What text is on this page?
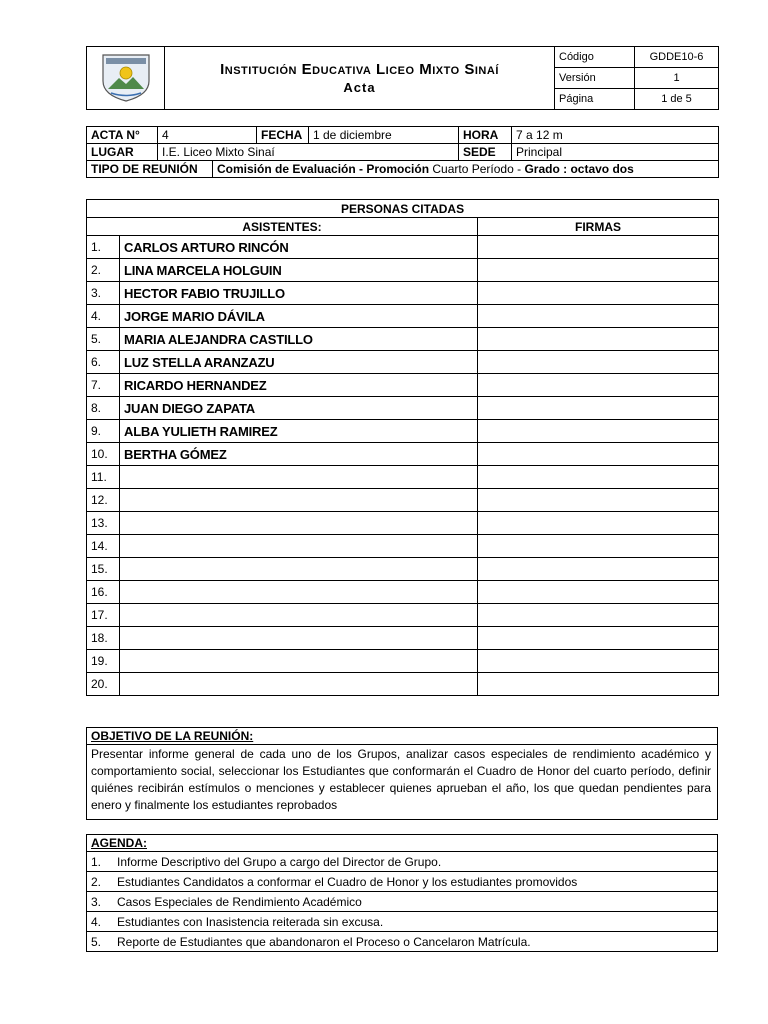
Institución Educativa Liceo Mixto Sinaí
Acta	Código	GDDE10-6
		Versión	1
		Página	1 de 5
ACTA N°	4		FECHA	1 de diciembre	HORA	7 a 12 m
LUGAR	I.E. Liceo Mixto Sinaí				SEDE	Principal
TIPO DE REUNIÓN		Comisión de Evaluación - Promoción Cuarto Período - Grado : octavo dos				
PERSONAS CITADAS		
ASISTENTES:		FIRMAS
1.	CARLOS ARTURO RINCÓN	
2.	LINA MARCELA HOLGUIN	
3.	HECTOR FABIO TRUJILLO	
4.	JORGE MARIO DÁVILA	
5.	MARIA ALEJANDRA CASTILLO	
6.	LUZ STELLA ARANZAZU	
7.	RICARDO HERNANDEZ	
8.	JUAN DIEGO ZAPATA	
9.	ALBA YULIETH RAMIREZ	
10.	BERTHA GÓMEZ	
11.		
12.		
13.		
14.		
15.		
16.		
17.		
18.		
19.		
20.		
OBJETIVO DE LA REUNIÓN:
Presentar informe general de cada uno de los Grupos, analizar casos especiales de rendimiento académico y comportamiento social, seleccionar los Estudiantes que conformarán el Cuadro de Honor del cuarto período, definir quiénes recibirán estímulos o menciones y establecer quienes aprueban el año, los que quedan pendientes para enero y finalmente los estudiantes reprobados
AGENDA:
1. Informe Descriptivo del Grupo a cargo del Director de Grupo.
2. Estudiantes Candidatos a conformar el Cuadro de Honor y los estudiantes promovidos
3. Casos Especiales de Rendimiento Académico
4. Estudiantes con Inasistencia reiterada sin excusa.
5. Reporte de Estudiantes que abandonaron el Proceso o Cancelaron Matrícula.
